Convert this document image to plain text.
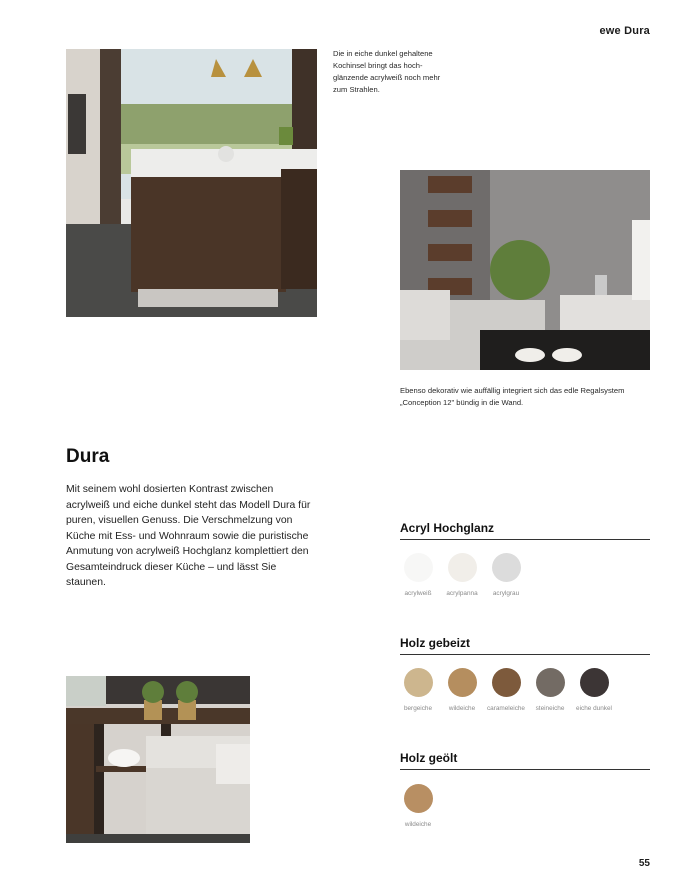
ewe Dura
Die in eiche dunkel gehaltene Kochinsel bringt das hoch-glänzende acrylweiß noch mehr zum Strahlen.
Ebenso dekorativ wie auffällig integriert sich das edle Regalsystem „Conception 12" bündig in die Wand.
Dura

Mit seinem wohl dosierten Kontrast zwischen acrylweiß und eiche dunkel steht das Modell Dura für puren, visuellen Genuss. Die Verschmelzung von Küche mit Ess- und Wohnraum sowie die puristische Anmutung von acrylweiß Hochglanz komplettiert den Gesamteindruck dieser Küche – und lässt Sie staunen.

Acryl Hochglanz
acrylweiß acrylpanna acrylgrau
Holz gebeizt
bergeiche	wildeiche carameleiche steineiche eiche dunkel
Holz geölt
wildeiche
55
